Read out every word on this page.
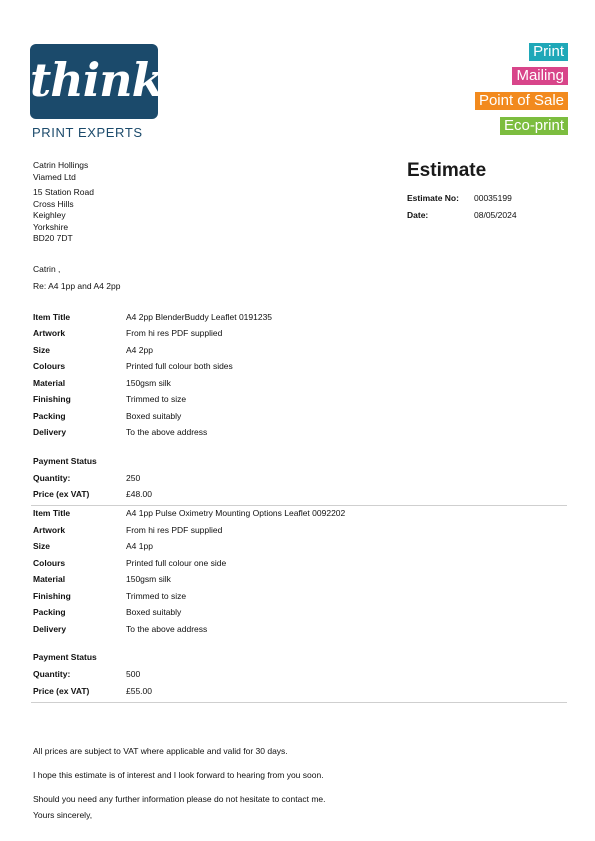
think
PRINT EXPERTS
Print
Mailing
Point of Sale
Eco-print
Catrin Hollings
Viamed Ltd
15 Station Road
Cross Hills
Keighley
Yorkshire
BD20 7DT
Estimate
Estimate No: 00035199
Date:	08/05/2024
Catrin ,
Re: A4 1pp and A4 2pp
Item Title	A4 2pp BlenderBuddy Leaflet 0191235
Artwork	From hi res PDF supplied
Size	A4 2pp
Colours	Printed full colour both sides
Material	150gsm silk
Finishing	Trimmed to size
Packing	Boxed suitably
Delivery	To the above address
Payment Status
Quantity:	250
Price (ex VAT)	£48.00
Item Title	A4 1pp Pulse Oximetry Mounting Options Leaflet 0092202
Artwork	From hi res PDF supplied
Size	A4 1pp
Colours	Printed full colour one side
Material	150gsm silk
Finishing	Trimmed to size
Packing	Boxed suitably
Delivery	To the above address
Payment Status
Quantity:	500
Price (ex VAT)	£55.00
All prices are subject to VAT where applicable and valid for 30 days.
I hope this estimate is of interest and I look forward to hearing from you soon.
Should you need any further information please do not hesitate to contact me.
Yours sincerely,
